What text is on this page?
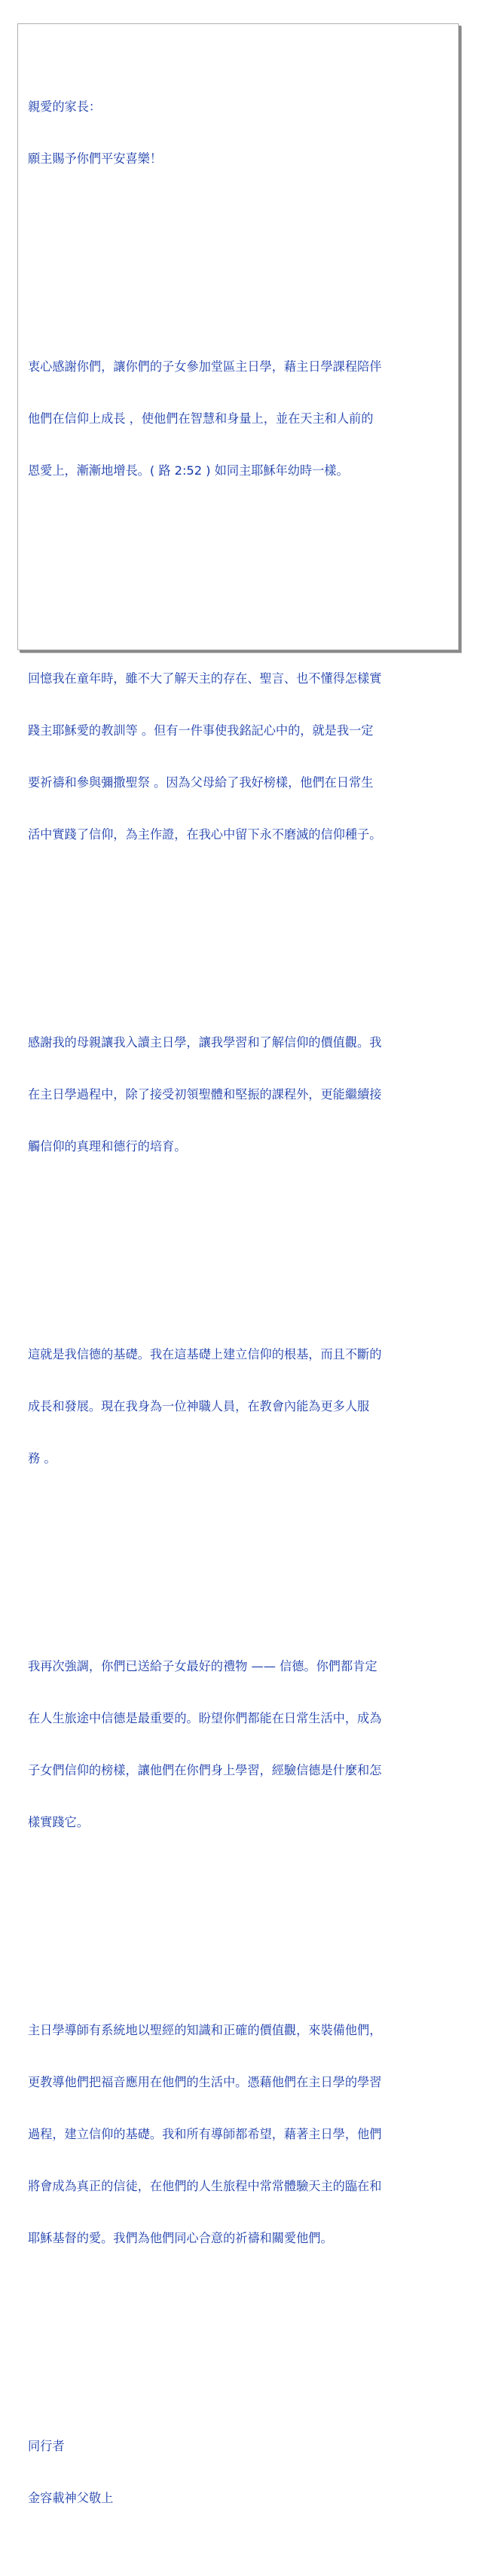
親愛的家長：

願主賜予你們平安喜樂！

衷心感謝你們，讓你們的子女參加堂區主日學，藉主日學課程陪伴

他們在信仰上成長 ，使他們在智慧和身量上，並在天主和人前的

恩愛上，漸漸地增長。( 路 2:52 ) 如同主耶穌年幼時一樣。

回憶我在童年時，雖不大了解天主的存在、聖言、也不懂得怎樣實

踐主耶穌愛的教訓等 。但有一件事使我銘記心中的，就是我一定

要祈禱和參與彌撒聖祭 。因為父母給了我好榜樣，他們在日常生

活中實踐了信仰，為主作證，在我心中留下永不磨滅的信仰種子。

感謝我的母親讓我入讀主日學，讓我學習和了解信仰的價值觀。我

在主日學過程中，除了接受初領聖體和堅振的課程外，更能繼續接

觸信仰的真理和德行的培育。

這就是我信德的基礎。我在這基礎上建立信仰的根基，而且不斷的

成長和發展。現在我身為一位神職人員，在教會內能為更多人服

務 。

我再次強調，你們已送給子女最好的禮物 —— 信德。你們都肯定

在人生旅途中信德是最重要的。盼望你們都能在日常生活中，成為

子女們信仰的榜樣，讓他們在你們身上學習，經驗信德是什麼和怎

樣實踐它。

主日學導師有系統地以聖經的知識和正確的價值觀，來裝備他們，

更教導他們把福音應用在他們的生活中。憑藉他們在主日學的學習

過程，建立信仰的基礎。我和所有導師都希望，藉著主日學，他們

將會成為真正的信徒，在他們的人生旅程中常常體驗天主的臨在和

耶穌基督的愛。我們為他們同心合意的祈禱和關愛他們。

同行者

金容載神父敬上
